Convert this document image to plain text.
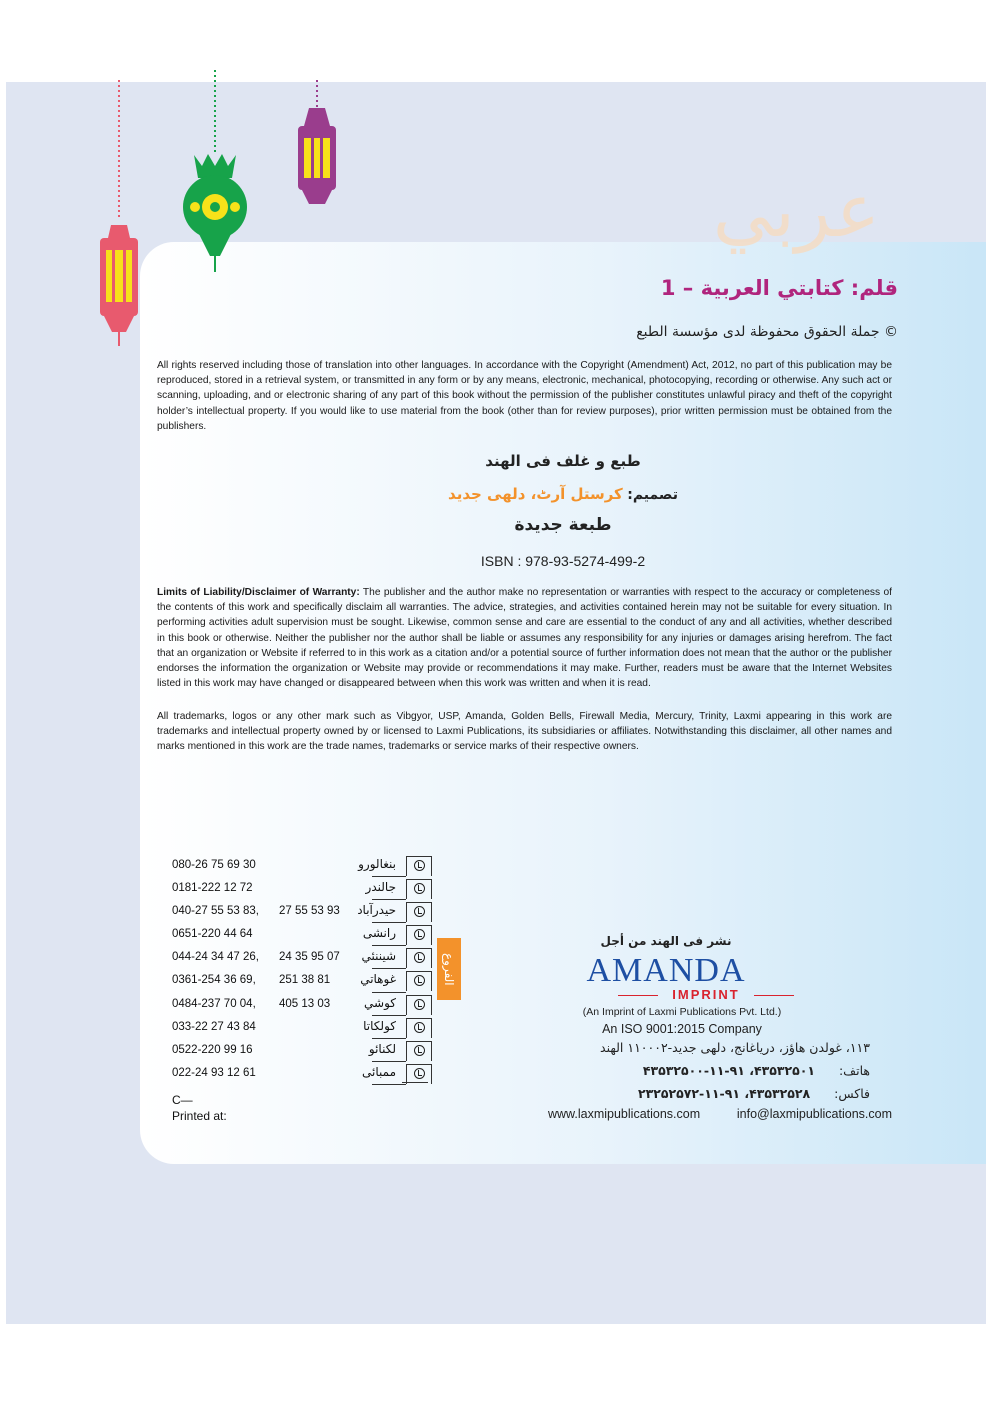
عربي
قلم: كتابتي العربية – 1
© جملة الحقوق محفوظة لدى مؤسسة الطبع
All rights reserved including those of translation into other languages. In accordance with the Copyright (Amendment) Act, 2012, no part of this publication may be reproduced, stored in a retrieval system, or transmitted in any form or by any means, electronic, mechanical, photocopying, recording or otherwise. Any such act or scanning, uploading, and or electronic sharing of any part of this book without the permission of the publisher constitutes unlawful piracy and theft of the copyright holder’s intellectual property. If you would like to use material from the book (other than for review purposes), prior written permission must be obtained from the publishers.
طبع و غلف فی الهند
تصميم: کرستل آرٹ، دلهی جدید
طبعة جديدة
ISBN : 978-93-5274-499-2
Limits of Liability/Disclaimer of Warranty: The publisher and the author make no representation or warranties with respect to the accuracy or completeness of the contents of this work and specifically disclaim all warranties. The advice, strategies, and activities contained herein may not be suitable for every situation. In performing activities adult supervision must be sought. Likewise, common sense and care are essential to the conduct of any and all activities, whether described in this book or otherwise. Neither the publisher nor the author shall be liable or assumes any responsibility for any injuries or damages arising herefrom. The fact that an organization or Website if referred to in this work as a citation and/or a potential source of further information does not mean that the author or the publisher endorses the information the organization or Website may provide or recommendations it may make. Further, readers must be aware that the Internet Websites listed in this work may have changed or disappeared between when this work was written and when it is read.
All trademarks, logos or any other mark such as Vibgyor, USP, Amanda, Golden Bells, Firewall Media, Mercury, Trinity, Laxmi appearing in this work are trademarks and intellectual property owned by or licensed to Laxmi Publications, its subsidiaries or affiliates. Notwithstanding this disclaimer, all other names and marks mentioned in this work are the trade names, trademarks or service marks of their respective owners.
080-26 75 69 30	بنغالورو
0181-222 12 72	جالندر
040-27 55 53 83, 27 55 53 93 حيدرآباد
0651-220 44 64	رانشی
044-24 34 47 26, 24 35 95 07 شيننئي
0361-254 36 69, 251 38 81	غوهاتي
0484-237 70 04, 405 13 03	کوشي
033-22 27 43 84	کولکاتا
0522-220 99 16	لکنائو
022-24 93 12 61	ممبائی
الفروع
C—
Printed at:
نشر فی الهند من أجل
AMANDA
IMPRINT
(An Imprint of Laxmi Publications Pvt. Ltd.)
An ISO 9001:2015 Company
۱۱۳، غولدن هاؤز، درياغانج، دلهی جديد-۱۱۰۰۰۲ الهند
هاتف:  ۴۳۵۳۲۵۰۱، ۹۱-۱۱-۴۳۵۳۲۵۰۰
فاكس:  ۴۳۵۳۲۵۲۸، ۹۱-۱۱-۲۳۲۵۲۵۷۲
www.laxmipublications.com	info@laxmipublications.com
